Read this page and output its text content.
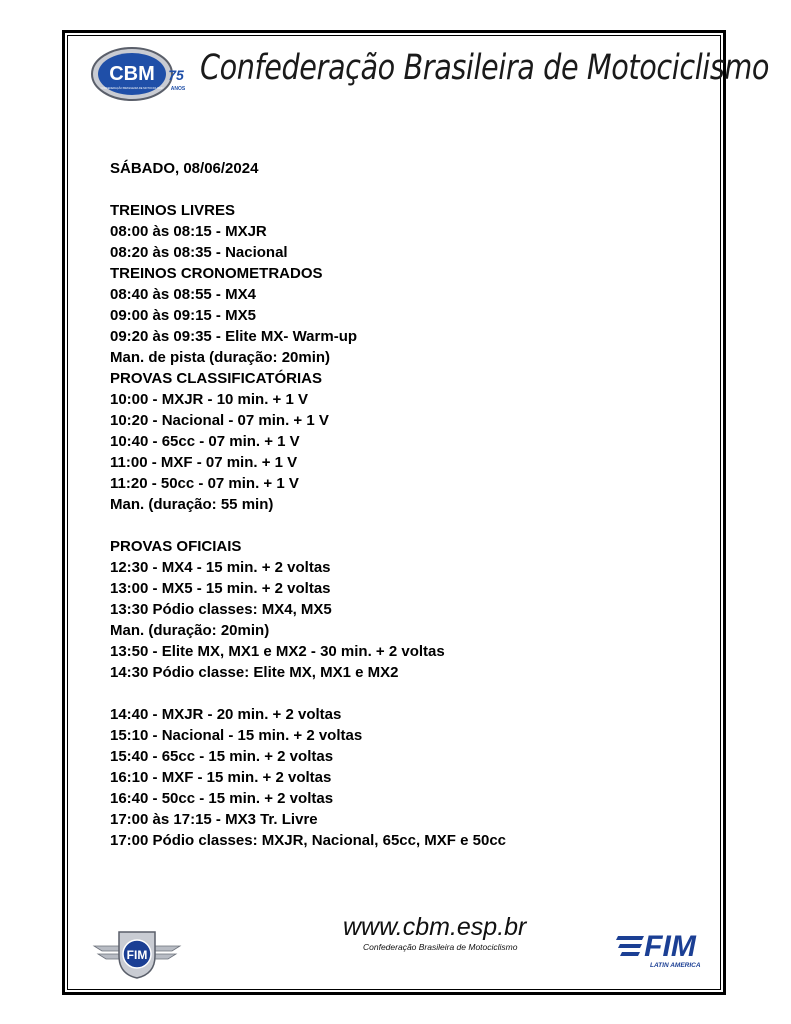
CBM
CONFEDERAÇÃO BRASILEIRA DE MOTOCICLISMO
75
ANOS
Confederação Brasileira de Motociclismo
SÁBADO, 08/06/2024
TREINOS LIVRES
08:00 às 08:15 - MXJR
08:20 às 08:35 - Nacional
TREINOS CRONOMETRADOS
08:40 às 08:55 - MX4
09:00 às 09:15 - MX5
09:20 às 09:35 - Elite MX- Warm-up
Man. de pista (duração: 20min)
PROVAS CLASSIFICATÓRIAS
10:00 - MXJR - 10 min. + 1 V
10:20 - Nacional - 07 min. + 1 V
10:40 - 65cc - 07 min. + 1 V
11:00 - MXF - 07 min. + 1 V
11:20 - 50cc - 07 min. + 1 V
Man. (duração: 55 min)
PROVAS OFICIAIS
12:30 - MX4 - 15 min. + 2 voltas
13:00 - MX5 - 15 min. + 2 voltas
13:30 Pódio classes: MX4, MX5
Man. (duração: 20min)
13:50 - Elite MX, MX1 e MX2 - 30 min. + 2 voltas
14:30 Pódio classe: Elite MX, MX1 e MX2
14:40 - MXJR - 20 min. + 2 voltas
15:10 - Nacional - 15 min. + 2 voltas
15:40 - 65cc - 15 min. + 2 voltas
16:10 - MXF - 15 min. + 2 voltas
16:40 - 50cc - 15 min. + 2 voltas
17:00 às 17:15 - MX3 Tr. Livre
17:00 Pódio classes: MXJR, Nacional, 65cc, MXF e 50cc
FIM
www.cbm.esp.br
Confederação Brasileira de Motociclismo	FIM
LATIN AMERICA
